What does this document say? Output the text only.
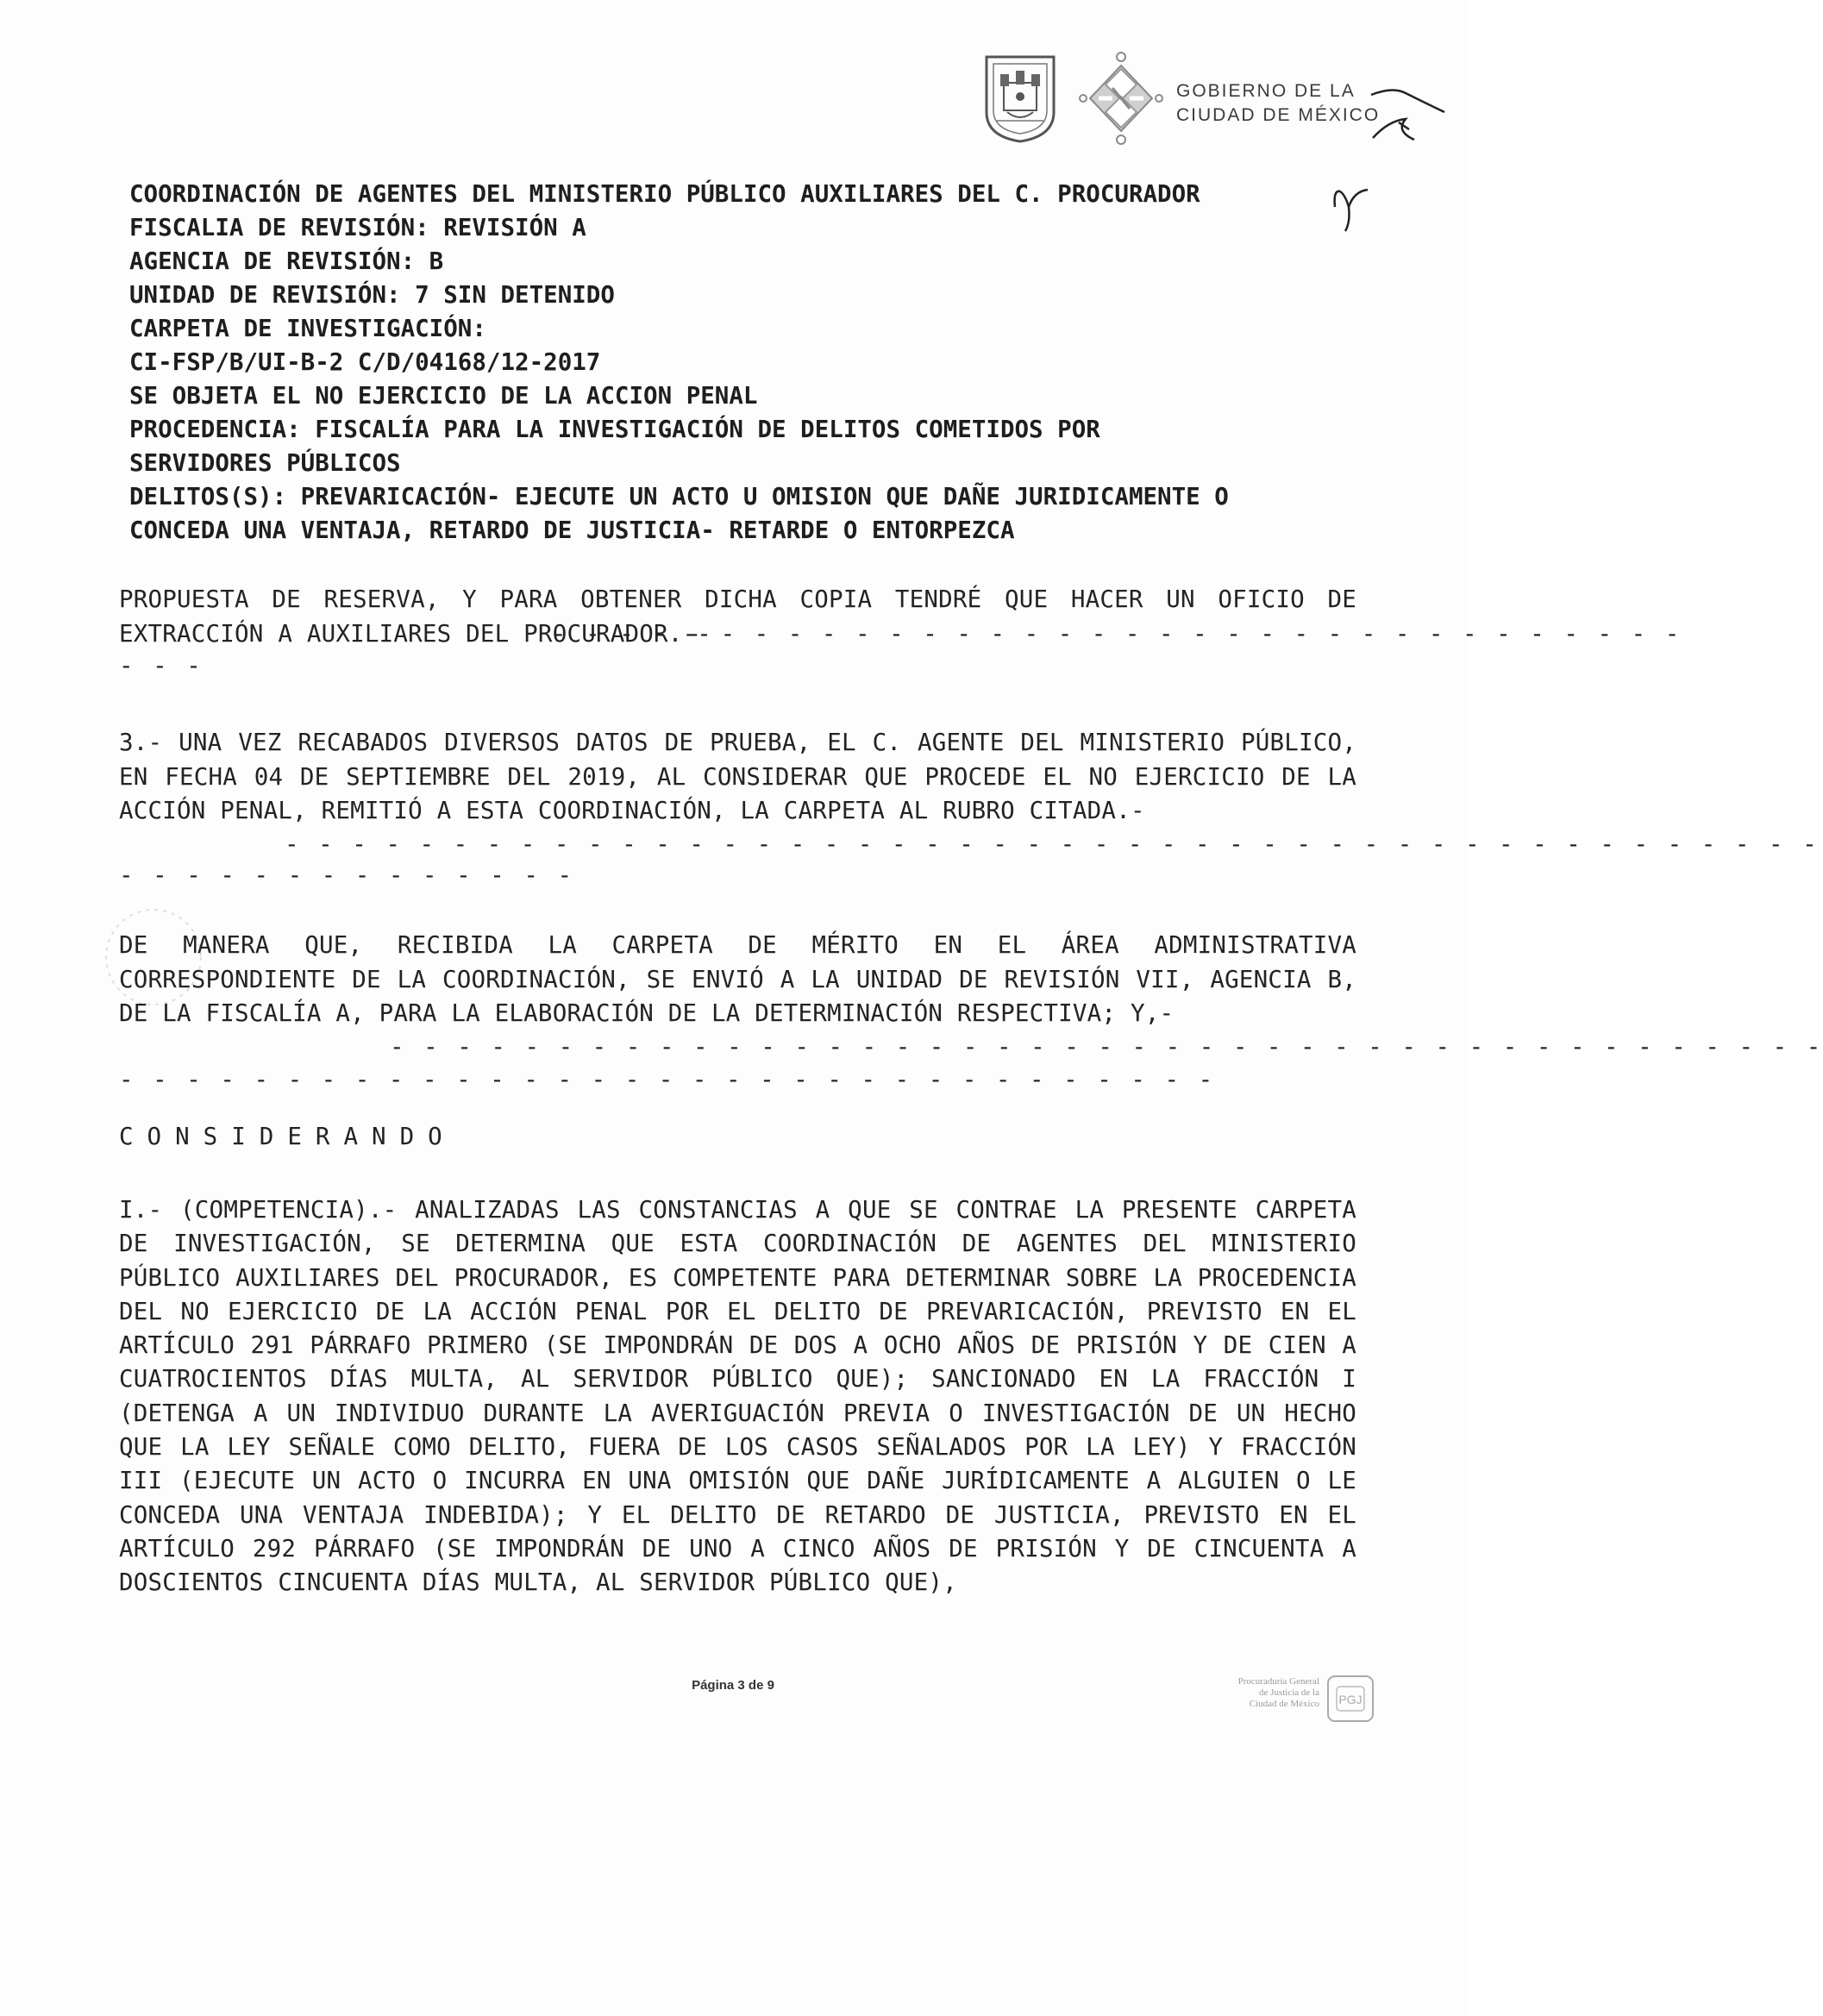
GOBIERNO DE LA
CIUDAD DE MÉXICO
COORDINACIÓN DE AGENTES DEL MINISTERIO PÚBLICO AUXILIARES DEL C. PROCURADOR
FISCALIA DE REVISIÓN: REVISIÓN A
AGENCIA DE REVISIÓN: B
UNIDAD DE REVISIÓN: 7 SIN DETENIDO
CARPETA DE INVESTIGACIÓN:
CI-FSP/B/UI-B-2 C/D/04168/12-2017
SE OBJETA EL NO EJERCICIO DE LA ACCION PENAL
PROCEDENCIA: FISCALÍA PARA LA INVESTIGACIÓN DE DELITOS COMETIDOS POR
SERVIDORES PÚBLICOS
DELITOS(S): PREVARICACIÓN- EJECUTE UN ACTO U OMISION QUE DAÑE JURIDICAMENTE O
CONCEDA UNA VENTAJA, RETARDO DE JUSTICIA- RETARDE O ENTORPEZCA
PROPUESTA DE RESERVA, Y PARA OBTENER DICHA COPIA TENDRÉ QUE HACER UN OFICIO DE EXTRACCIÓN A AUXILIARES DEL PROCURADOR.--
- - - - - - - - - - - - - - - - - - - - - - - - - - - - - - - - - -
- - -
3.- UNA VEZ RECABADOS DIVERSOS DATOS DE PRUEBA, EL C. AGENTE DEL MINISTERIO PÚBLICO, EN FECHA 04 DE SEPTIEMBRE DEL 2019, AL CONSIDERAR QUE PROCEDE EL NO EJERCICIO DE LA ACCIÓN PENAL, REMITIÓ A ESTA COORDINACIÓN, LA CARPETA AL RUBRO CITADA.-
- - - - - - - - - - - - - - - - - - - - - - - - - - - - - - - - - - - - - - - - - - - - - -
- - - - - - - - - - - - - -
DE MANERA QUE, RECIBIDA LA CARPETA DE MÉRITO EN EL ÁREA ADMINISTRATIVA CORRESPONDIENTE DE LA COORDINACIÓN, SE ENVIÓ A LA UNIDAD DE REVISIÓN VII, AGENCIA B, DE LA FISCALÍA A, PARA LA ELABORACIÓN DE LA DETERMINACIÓN RESPECTIVA; Y,-
- - - - - - - - - - - - - - - - - - - - - - - - - - - - - - - - - - - - - - - - - - -
- - - - - - - - - - - - - - - - - - - - - - - - - - - - - - - - -
CONSIDERANDO
I.- (COMPETENCIA).- ANALIZADAS LAS CONSTANCIAS A QUE SE CONTRAE LA PRESENTE CARPETA DE INVESTIGACIÓN, SE DETERMINA QUE ESTA COORDINACIÓN DE AGENTES DEL MINISTERIO PÚBLICO AUXILIARES DEL PROCURADOR, ES COMPETENTE PARA DETERMINAR SOBRE LA PROCEDENCIA DEL NO EJERCICIO DE LA ACCIÓN PENAL POR EL DELITO DE PREVARICACIÓN, PREVISTO EN EL ARTÍCULO 291 PÁRRAFO PRIMERO (SE IMPONDRÁN DE DOS A OCHO AÑOS DE PRISIÓN Y DE CIEN A CUATROCIENTOS DÍAS MULTA, AL SERVIDOR PÚBLICO QUE); SANCIONADO EN LA FRACCIÓN I (DETENGA A UN INDIVIDUO DURANTE LA AVERIGUACIÓN PREVIA O INVESTIGACIÓN DE UN HECHO QUE LA LEY SEÑALE COMO DELITO, FUERA DE LOS CASOS SEÑALADOS POR LA LEY) Y FRACCIÓN III (EJECUTE UN ACTO O INCURRA EN UNA OMISIÓN QUE DAÑE JURÍDICAMENTE A ALGUIEN O LE CONCEDA UNA VENTAJA INDEBIDA); Y EL DELITO DE RETARDO DE JUSTICIA, PREVISTO EN EL ARTÍCULO 292 PÁRRAFO (SE IMPONDRÁN DE UNO A CINCO AÑOS DE PRISIÓN Y DE CINCUENTA A DOSCIENTOS CINCUENTA DÍAS MULTA, AL SERVIDOR PÚBLICO QUE),
Página 3 de 9	Procuraduría General
de Justicia de la
Ciudad de México PGJ
